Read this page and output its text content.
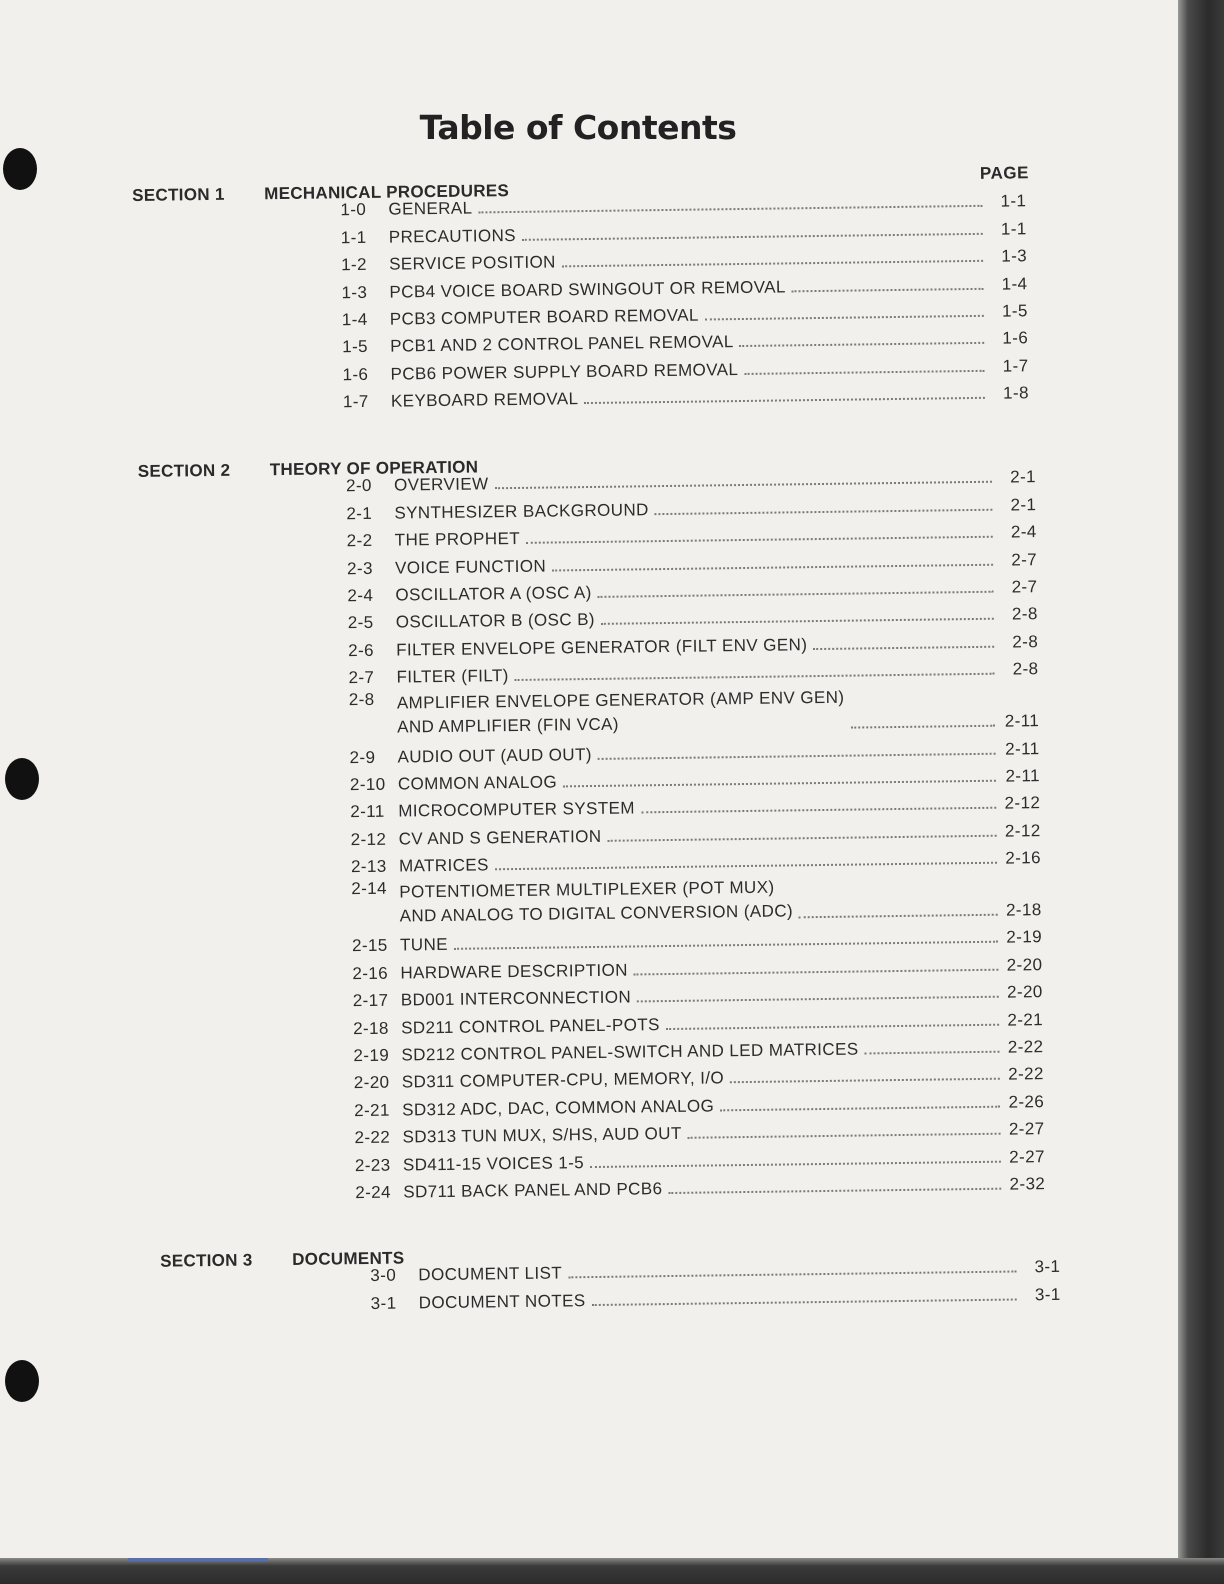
Table of Contents
PAGE
SECTION 1 MECHANICAL PROCEDURES
1-0	GENERAL	1-1
1-1	PRECAUTIONS	1-1
1-2	SERVICE POSITION	1-3
1-3	PCB4 VOICE BOARD SWINGOUT OR REMOVAL	1-4
1-4	PCB3 COMPUTER BOARD REMOVAL	1-5
1-5	PCB1 AND 2 CONTROL PANEL REMOVAL	1-6
1-6	PCB6 POWER SUPPLY BOARD REMOVAL	1-7
1-7	KEYBOARD REMOVAL	1-8
SECTION 2 THEORY OF OPERATION
2-0	OVERVIEW	2-1
2-1	SYNTHESIZER BACKGROUND	2-1
2-2	THE PROPHET	2-4
2-3	VOICE FUNCTION	2-7
2-4	OSCILLATOR A (OSC A)	2-7
2-5	OSCILLATOR B (OSC B)	2-8
2-6	FILTER ENVELOPE GENERATOR (FILT ENV GEN)	2-8
2-7	FILTER (FILT)	2-8
2-8	AMPLIFIER ENVELOPE GENERATOR (AMP ENV GEN)
AND AMPLIFIER (FIN VCA)	2-11
2-9	AUDIO OUT (AUD OUT)	2-11
2-10 COMMON ANALOG	2-11
2-11 MICROCOMPUTER SYSTEM	2-12
2-12 CV AND S GENERATION	2-12
2-13 MATRICES	2-16
2-14 POTENTIOMETER MULTIPLEXER (POT MUX)
AND ANALOG TO DIGITAL CONVERSION (ADC)	2-18
2-15 TUNE	2-19
2-16 HARDWARE DESCRIPTION	2-20
2-17 BD001 INTERCONNECTION	2-20
2-18 SD211 CONTROL PANEL-POTS	2-21
2-19 SD212 CONTROL PANEL-SWITCH AND LED MATRICES	2-22
2-20 SD311 COMPUTER-CPU, MEMORY, I/O	2-22
2-21 SD312 ADC, DAC, COMMON ANALOG	2-26
2-22 SD313 TUN MUX, S/HS, AUD OUT	2-27
2-23 SD411-15 VOICES 1-5	2-27
2-24 SD711 BACK PANEL AND PCB6	2-32
SECTION 3 DOCUMENTS
3-0	DOCUMENT LIST	3-1
3-1	DOCUMENT NOTES	3-1
